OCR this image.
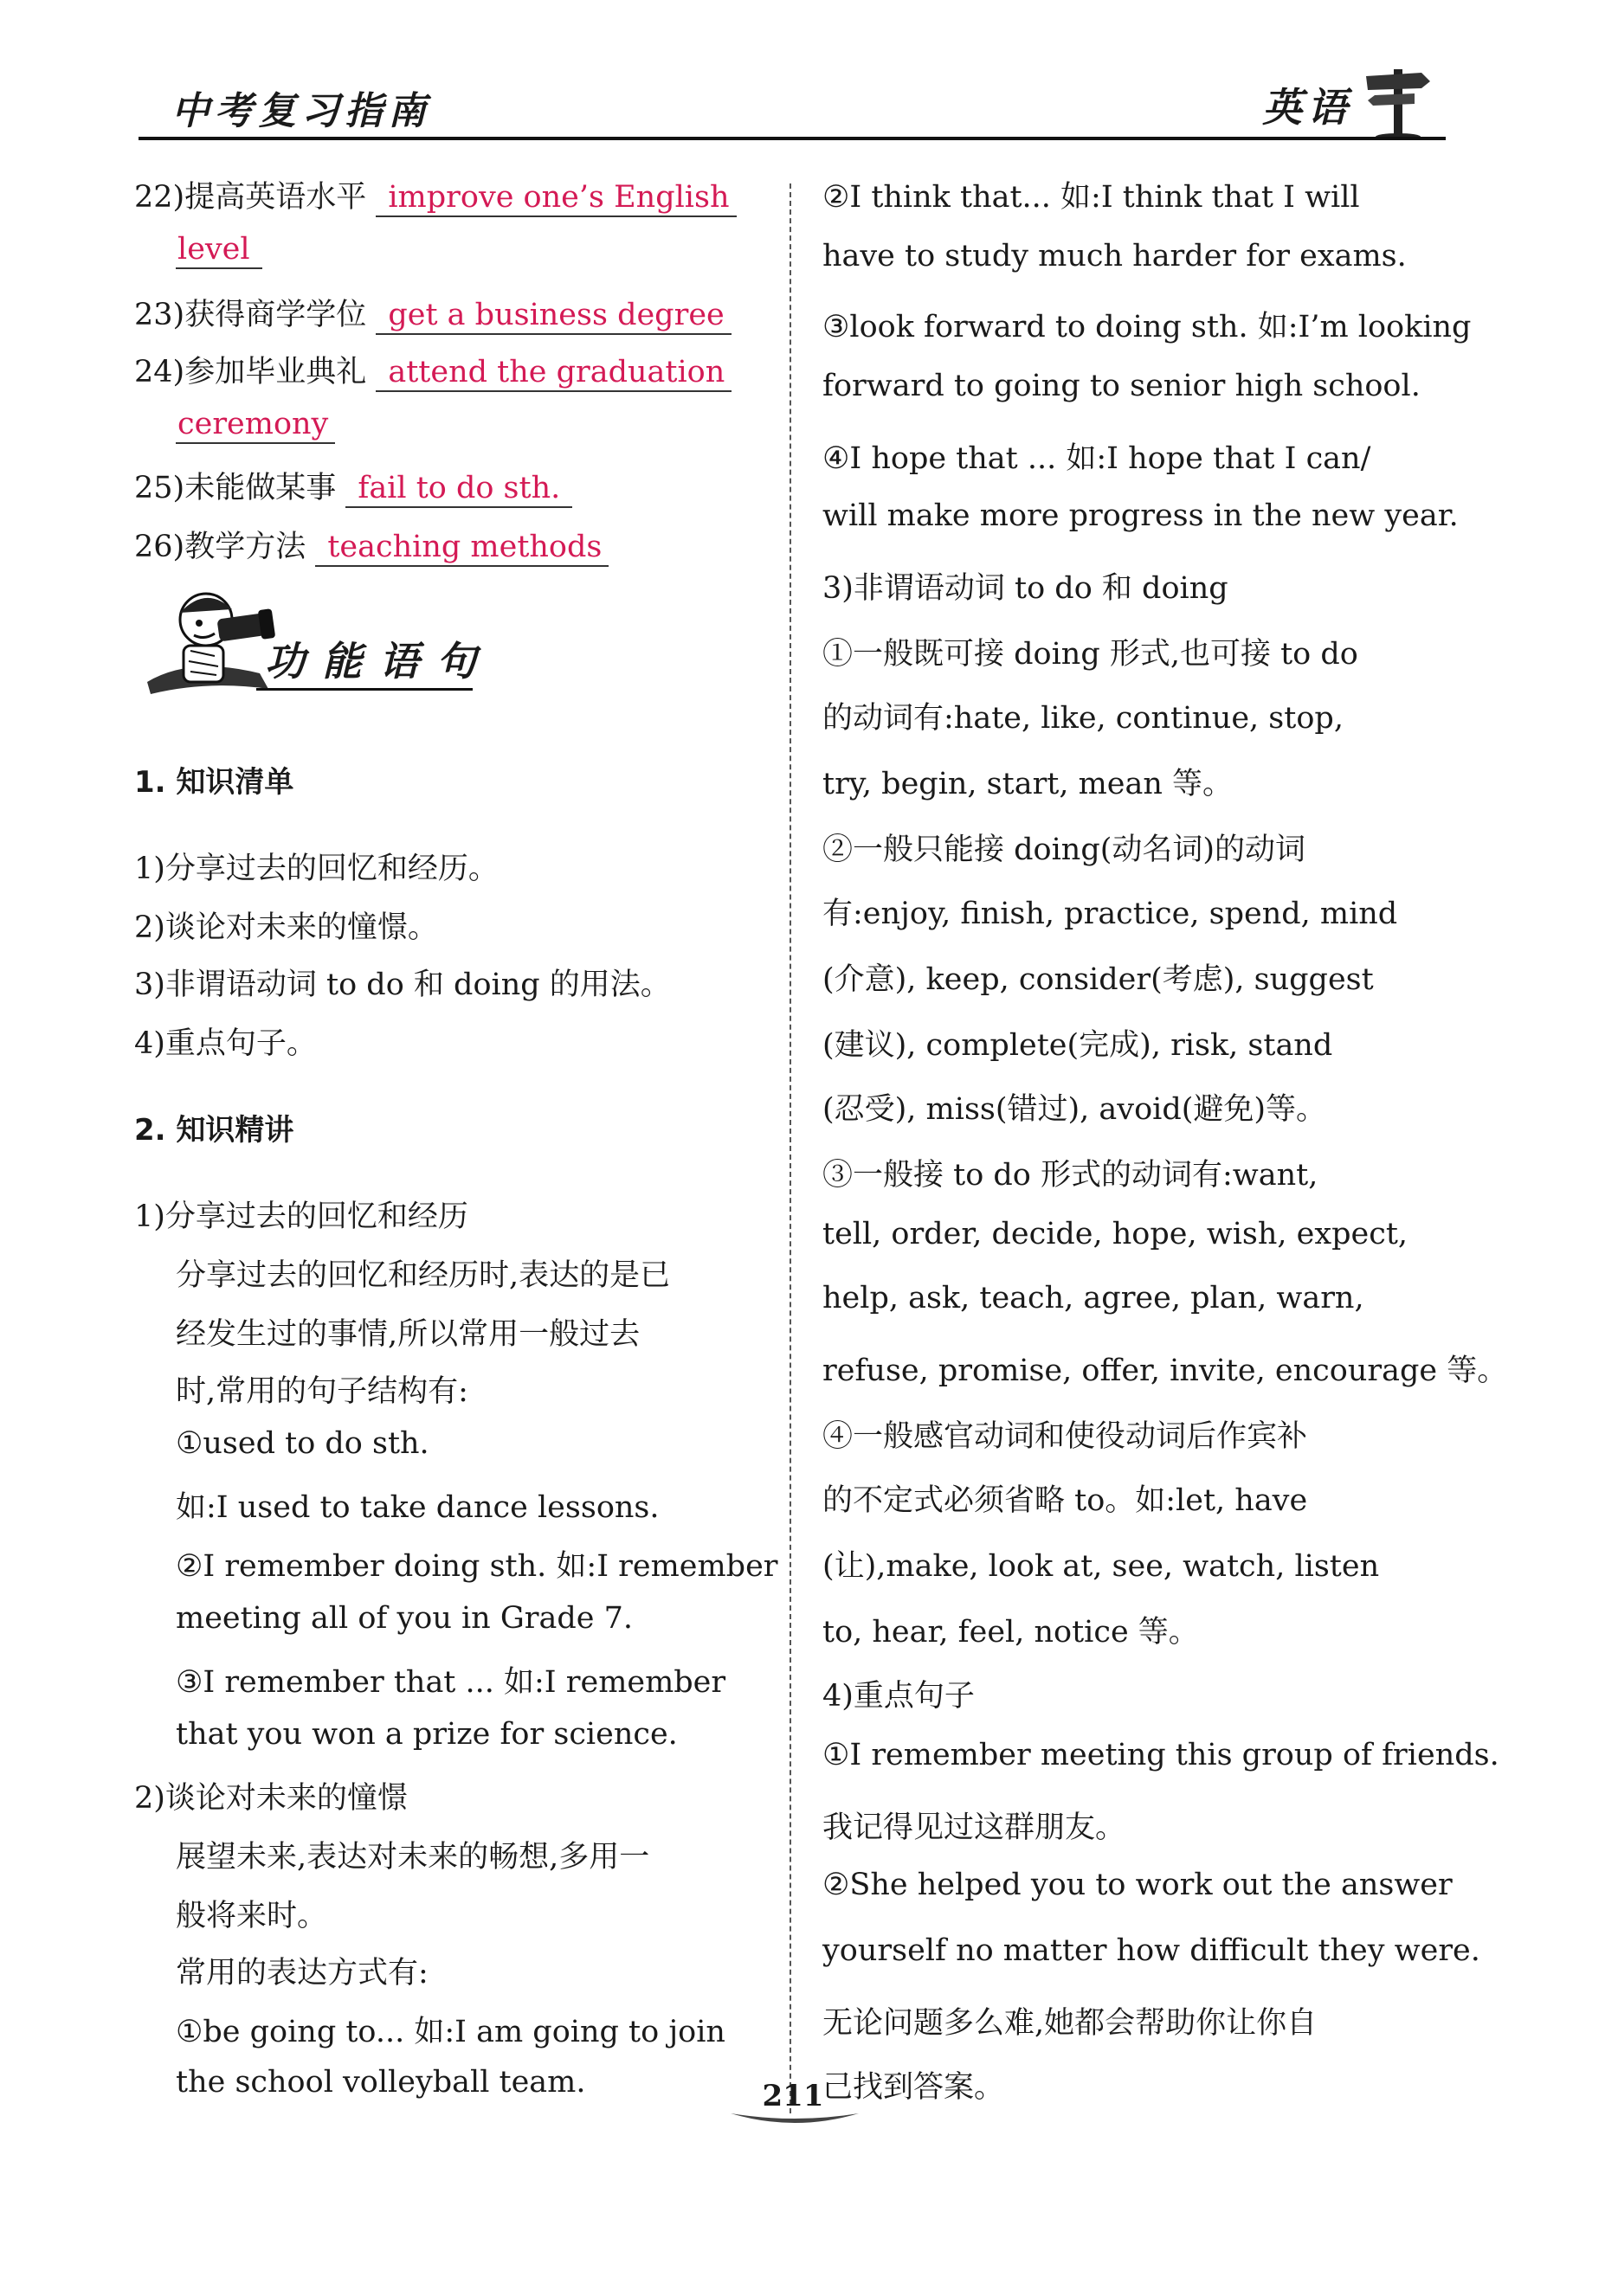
中考复习指南	英语
22)提高英语水平 improve one’s English
level
23)获得商学学位 get a business degree
24)参加毕业典礼 attend the graduation
ceremony
25)未能做某事 fail to do sth.
26)教学方法 teaching methods
1. 知识清单
1)分享过去的回忆和经历。
2)谈论对未来的憧憬。
3)非谓语动词 to do 和 doing 的用法。
4)重点句子。
2. 知识精讲
1)分享过去的回忆和经历
分享过去的回忆和经历时,表达的是已
经发生过的事情,所以常用一般过去
时,常用的句子结构有:
①used to do sth.
如:I used to take dance lessons.
②I remember doing sth. 如:I remember
meeting all of you in Grade 7.
③I remember that ... 如:I remember
that you won a prize for science.
2)谈论对未来的憧憬
展望未来,表达对未来的畅想,多用一
般将来时。
常用的表达方式有:
①be going to... 如:I am going to join
the school volleyball team.
功能语句
②I think that... 如:I think that I will
have to study much harder for exams.
③look forward to doing sth. 如:I’m looking
forward to going to senior high school.
④I hope that ... 如:I hope that I can/
will make more progress in the new year.
3)非谓语动词 to do 和 doing
①一般既可接 doing 形式,也可接 to do
的动词有:hate, like, continue, stop,
try, begin, start, mean 等。
②一般只能接 doing(动名词)的动词
有:enjoy, finish, practice, spend, mind
(介意), keep, consider(考虑), suggest
(建议), complete(完成), risk, stand
(忍受), miss(错过), avoid(避免)等。
③一般接 to do 形式的动词有:want,
tell, order, decide, hope, wish, expect,
help, ask, teach, agree, plan, warn,
refuse, promise, offer, invite, encourage 等。
④一般感官动词和使役动词后作宾补
的不定式必须省略 to。如:let, have
(让),make, look at, see, watch, listen
to, hear, feel, notice 等。
4)重点句子
①I remember meeting this group of friends.
我记得见过这群朋友。
②She helped you to work out the answer
yourself no matter how difficult they were.
无论问题多么难,她都会帮助你让你自
己找到答案。
211
